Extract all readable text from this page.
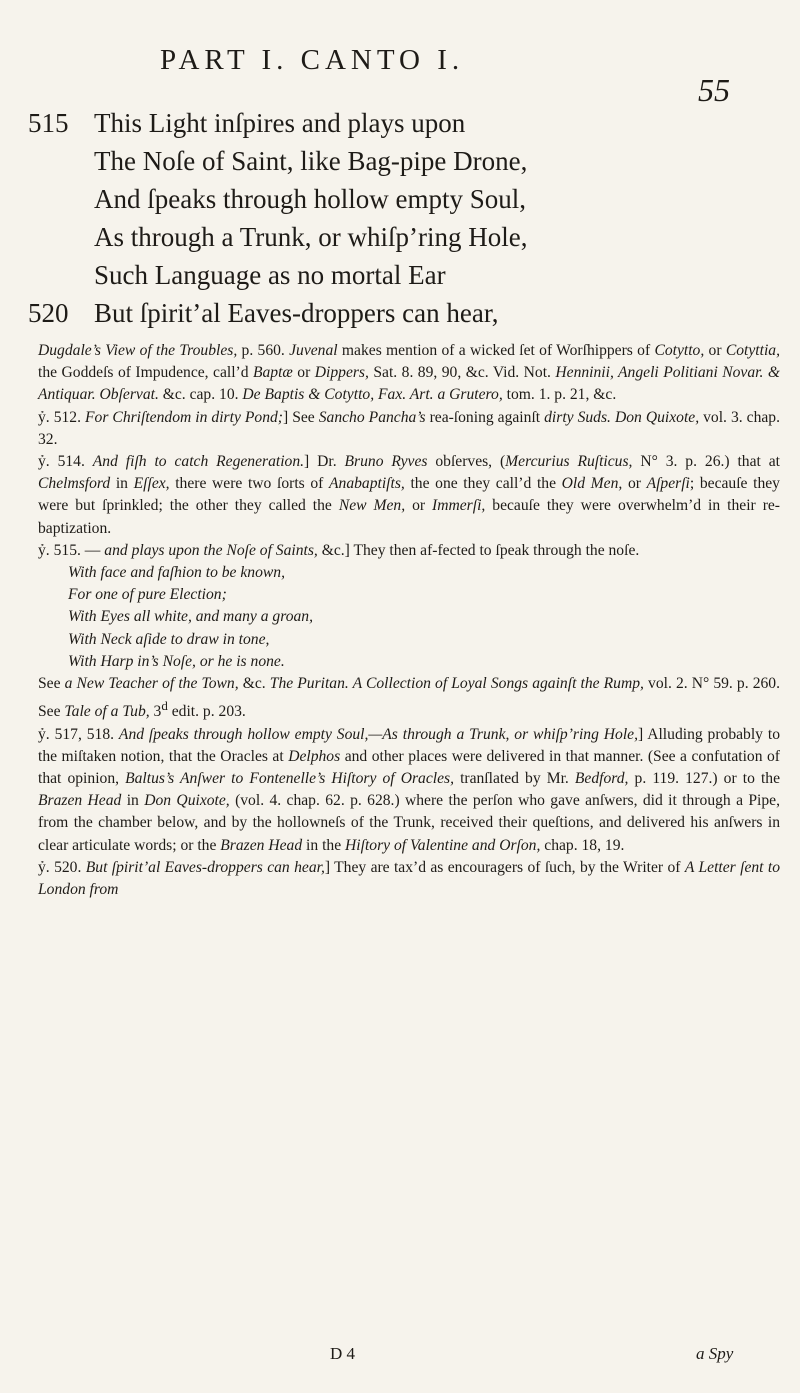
PART I. CANTO I.
55
515 This Light inſpires and plays upon
The Noſe of Saint, like Bag-pipe Drone,
And ſpeaks through hollow empty Soul,
As through a Trunk, or whiſp’ring Hole,
Such Language as no mortal Ear
520 But ſpirit’al Eaves-droppers can hear,

Dugdale’s View of the Troubles, p. 560. Juvenal makes mention of a wicked ſet of Worſhippers of Cotytto, or Cotyttia, the Goddeſs of Impudence, call’d Baptæ or Dippers, Sat. 8. 89, 90, &c. Vid. Not. Henninii, Angeli Politiani Novar. & Antiquar. Obſervat. &c. cap. 10. De Baptis & Cotytto, Fax. Art. a Grutero, tom. 1. p. 21, &c.

ỷ. 512. For Chriſtendom in dirty Pond;] See Sancho Pancha’s rea-ſoning againſt dirty Suds. Don Quixote, vol. 3. chap. 32.

ỷ. 514. And fiſh to catch Regeneration.] Dr. Bruno Ryves obſerves, (Mercurius Ruſticus, N° 3. p. 26.) that at Chelmsford in Eſſex, there were two ſorts of Anabaptiſts, the one they call’d the Old Men, or Aſperſi; becauſe they were but ſprinkled; the other they called the New Men, or Immerſi, becauſe they were overwhelm’d in their re-baptization.

ỷ. 515. — and plays upon the Noſe of Saints, &c.] They then af-fected to ſpeak through the noſe.

With face and faſhion to be known,

For one of pure Election;

With Eyes all white, and many a groan,

With Neck aſide to draw in tone,

With Harp in’s Noſe, or he is none.

See a New Teacher of the Town, &c. The Puritan. A Collection of Loyal Songs againſt the Rump, vol. 2. N° 59. p. 260. See Tale of a Tub, 3$^d$ edit. p. 203.

ỷ. 517, 518. And ſpeaks through hollow empty Soul,—As through a Trunk, or whiſp’ring Hole,] Alluding probably to the miſtaken notion, that the Oracles at Delphos and other places were delivered in that manner. (See a confutation of that opinion, Baltus’s Anſwer to Fontenelle’s Hiſtory of Oracles, tranſlated by Mr. Bedford, p. 119. 127.) or to the Brazen Head in Don Quixote, (vol. 4. chap. 62. p. 628.) where the perſon who gave anſwers, did it through a Pipe, from the chamber below, and by the hollowneſs of the Trunk, received their queſtions, and delivered his anſwers in clear articulate words; or the Brazen Head in the Hiſtory of Valentine and Orſon, chap. 18, 19.

ỷ. 520. But ſpirit’al Eaves-droppers can hear,] They are tax’d as encouragers of ſuch, by the Writer of A Letter ſent to London from

D 4	a Spy
